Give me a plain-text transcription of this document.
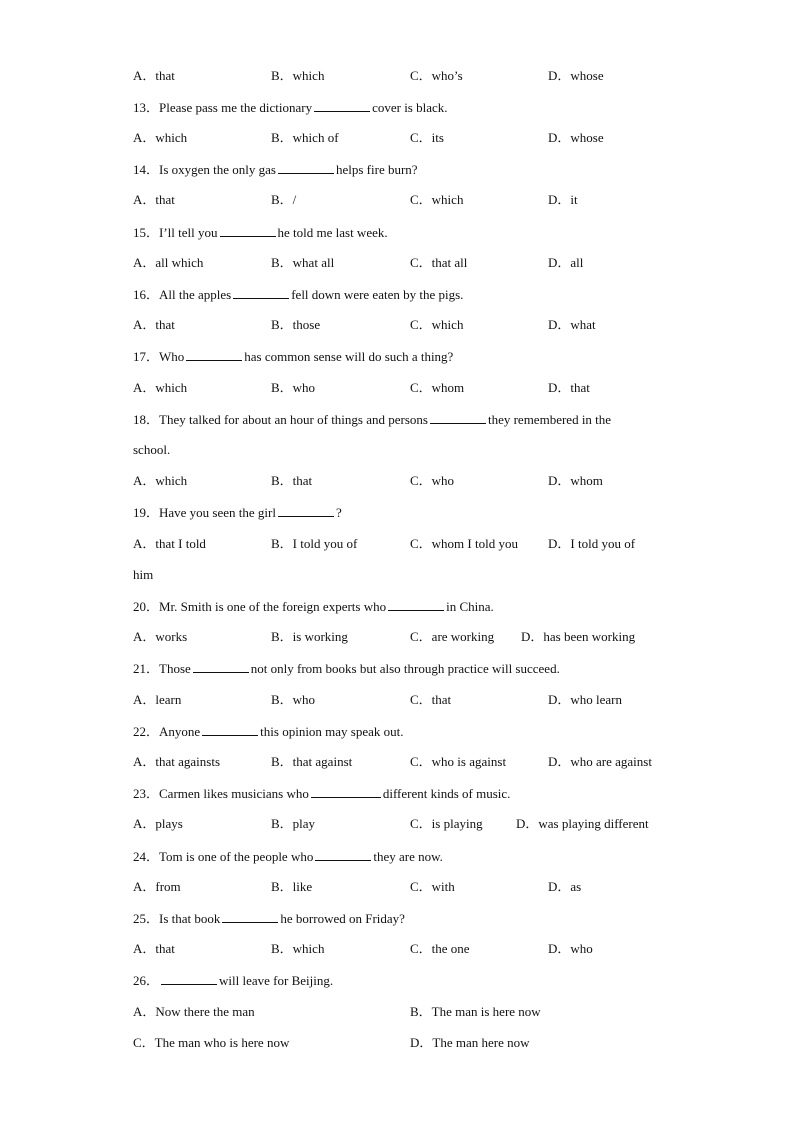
A．that	B．which	C．who’s	D．whose
13．Please pass me the dictionary	cover is black.
A．which	B．which of	C．its	D．whose
14．Is oxygen the only gas	helps fire burn?
A．that	B．/	C．which	D．it
15．I’ll tell you	he told me last week.
A．all which	B．what all	C．that all	D．all
16．All the apples	fell down were eaten by the pigs.
A．that	B．those	C．which	D．what
17．Who	has common sense will do such a thing?
A．which	B．who	C．whom	D．that
18．They talked for about an hour of things and persons	they remembered in the
school.
A．which	B．that	C．who	D．whom
19．Have you seen the girl	?
A．that I told	B．I told you of	C．whom I told you D．I told you of
him
20．Mr. Smith is one of the foreign experts who	in China.
A．works	B．is working	C．are working D．has been working
21．Those	not only from books but also through practice will succeed.
A．learn	B．who	C．that	D．who learn
22．Anyone	this opinion may speak out.
A．that againsts	B．that against	C．who is against	D．who are against
23．Carmen likes musicians who	different kinds of music.
A．plays	B．play	C．is playing	D．was playing different
24．Tom is one of the people who	they are now.
A．from	B．like	C．with	D．as
25．Is that book	he borrowed on Friday?
A．that	B．which	C．the one	D．who
26．	will leave for Beijing.
A．Now there the man	B．The man is here now
C．The man who is here now	D．The man here now
